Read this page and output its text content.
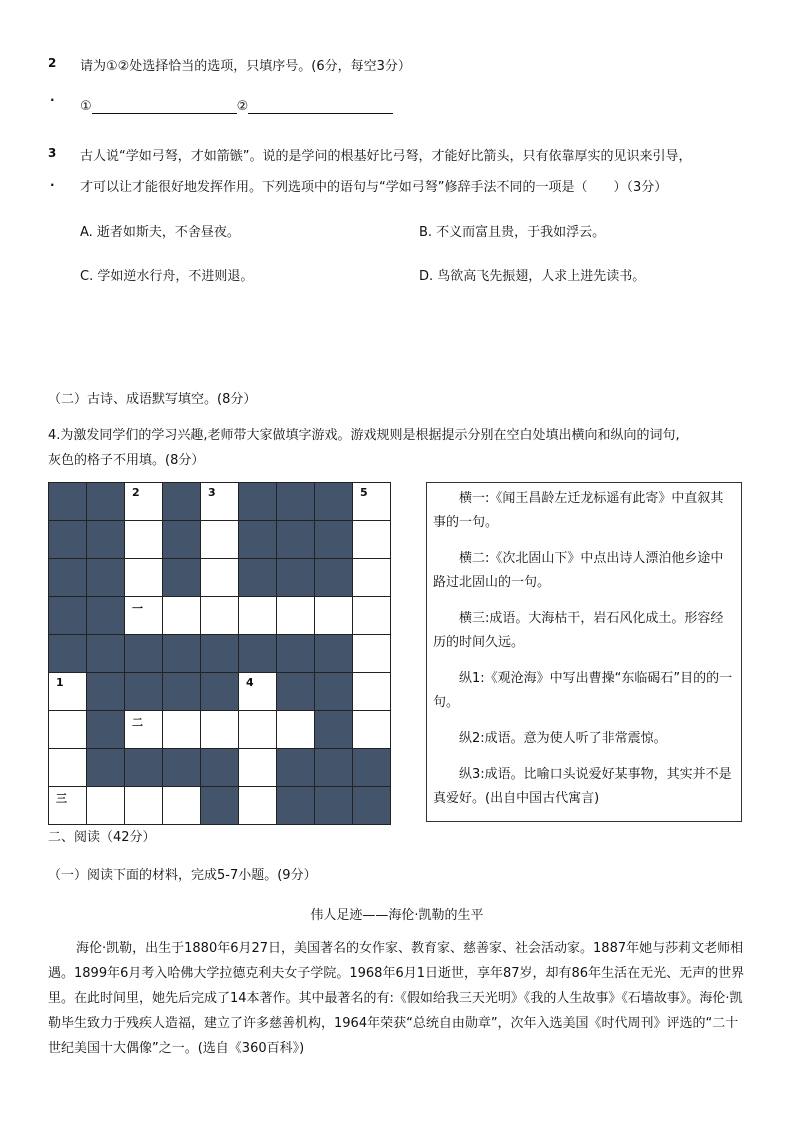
2 请为①②处选择恰当的选项，只填序号。(6分，每空3分）
.
①	②
3 古人说“学如弓弩，才如箭镞”。说的是学问的根基好比弓弩，才能好比箭头，只有依靠厚实的见识来引导，
. 才可以让才能很好地发挥作用。下列选项中的语句与“学如弓弩”修辞手法不同的一项是（　　）（3分）
A. 逝者如斯夫，不舍昼夜。	B. 不义而富且贵，于我如浮云。
C. 学如逆水行舟，不进则退。	D. 鸟欲高飞先振翅，人求上进先读书。
（二）古诗、成语默写填空。(8分）
4.为激发同学们的学习兴趣,老师带大家做填字游戏。游戏规则是根据提示分别在空白处填出横向和纵向的词句,
灰色的格子不用填。(8分）

		2		3				5

		一						

1					4			

		二						

三								

横一:《闻王昌龄左迁龙标遥有此寄》中直叙其事的一句。

横二:《次北固山下》中点出诗人漂泊他乡途中路过北固山的一句。

横三:成语。大海枯干，岩石风化成土。形容经历的时间久远。

纵1:《观沧海》中写出曹操“东临碣石”目的的一句。

纵2:成语。意为使人听了非常震惊。

纵3:成语。比喻口头说爱好某事物，其实并不是真爱好。(出自中国古代寓言)

二、阅读（42分）
（一）阅读下面的材料，完成5-7小题。(9分）
伟人足迹——海伦·凯勒的生平
海伦·凯勒，出生于1880年6月27日，美国著名的女作家、教育家、慈善家、社会活动家。1887年她与莎莉文老师相遇。1899年6月考入哈佛大学拉德克利夫女子学院。1968年6月1日逝世，享年87岁，却有86年生活在无光、无声的世界里。在此时间里，她先后完成了14本著作。其中最著名的有:《假如给我三天光明》《我的人生故事》《石墙故事》。海伦·凯勒毕生致力于残疾人造福，建立了许多慈善机构，1964年荣获“总统自由勋章”，次年入选美国《时代周刊》评选的“二十世纪美国十大偶像”之一。(选自《360百科》)
